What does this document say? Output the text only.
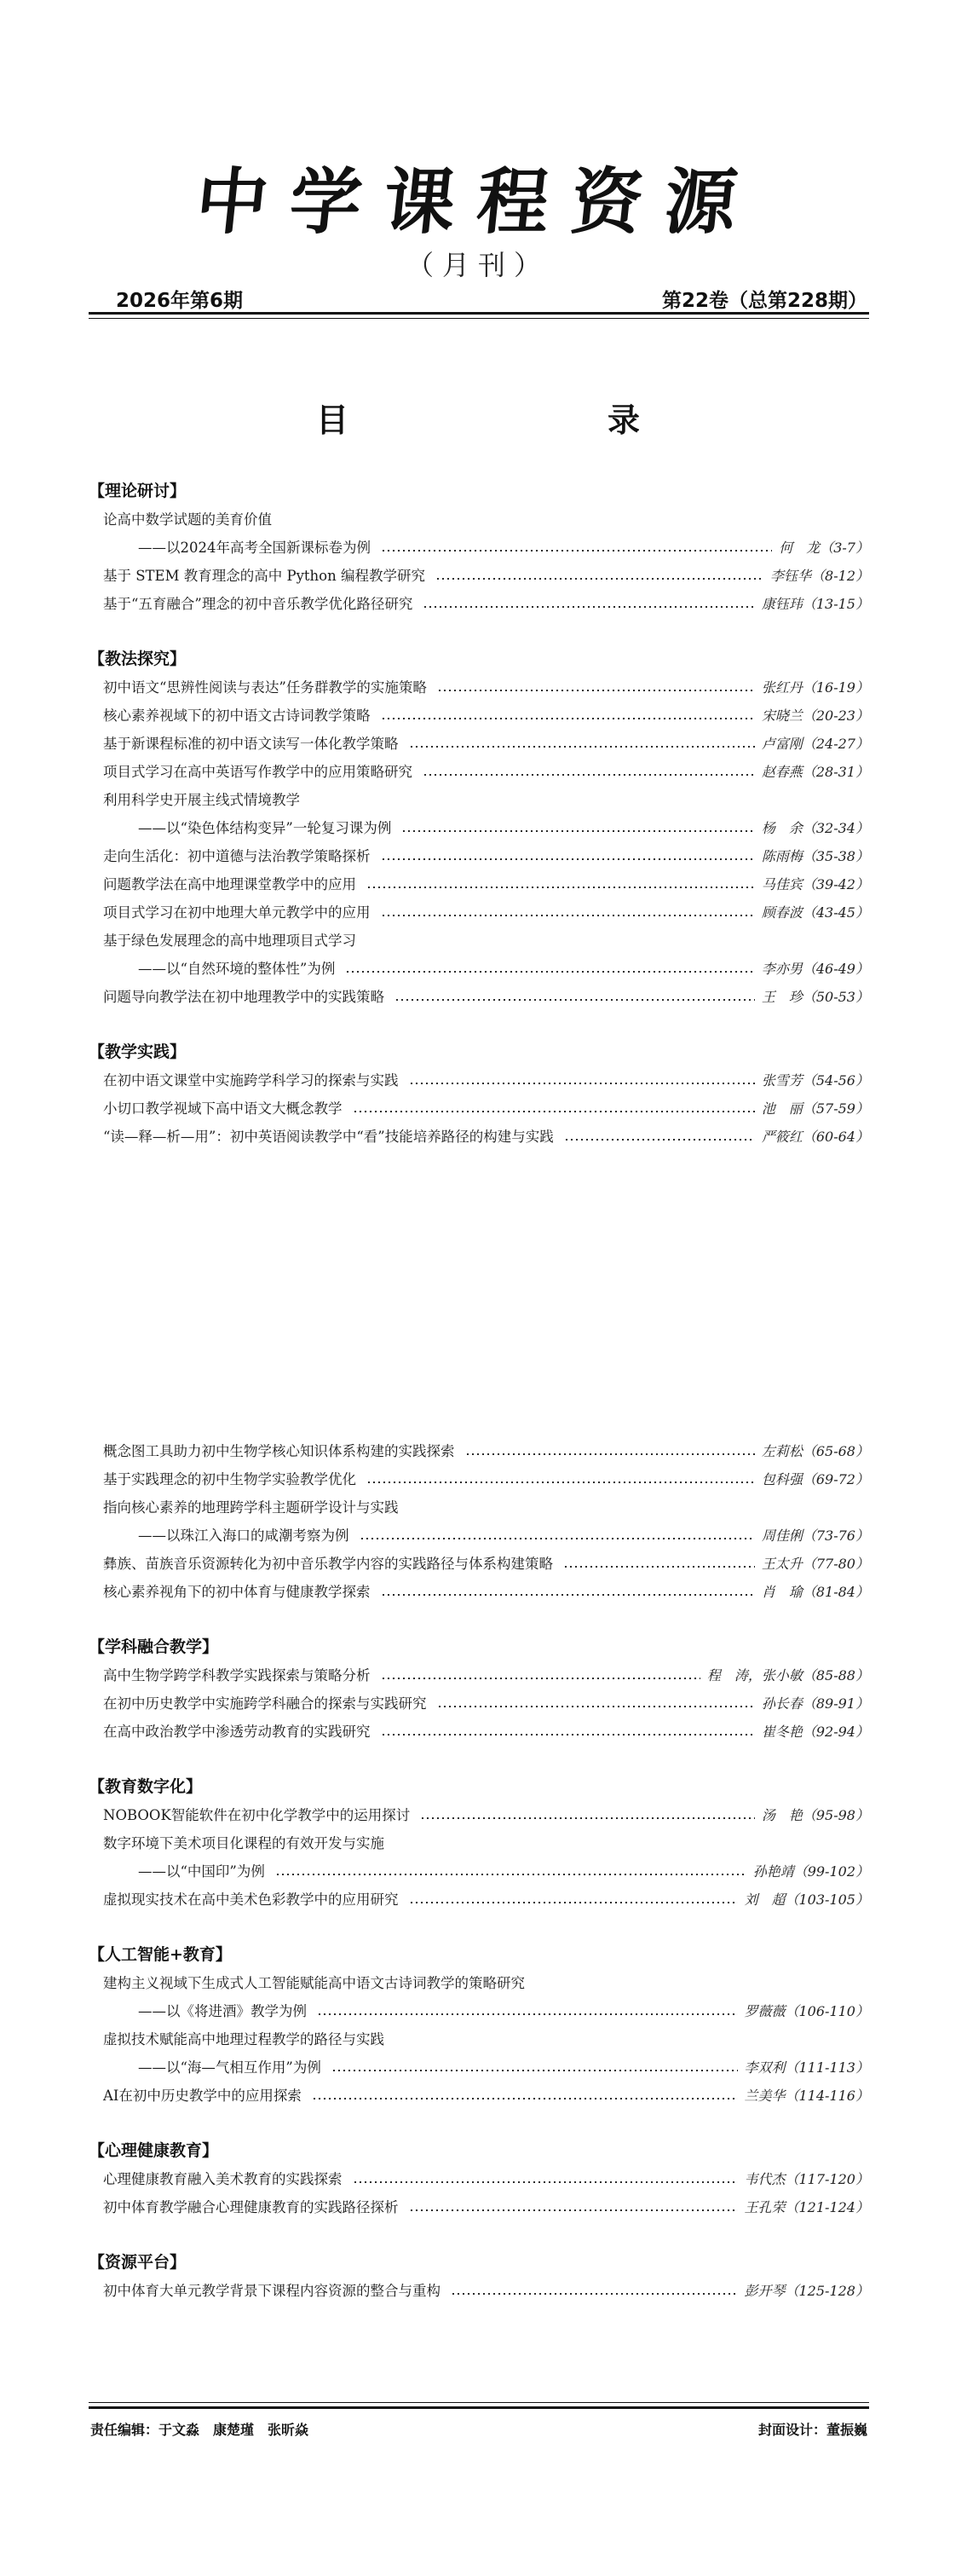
中学课程资源
（月刊）
2026年第6期	第22卷（总第228期）
目　　录
【理论研讨】
论高中数学试题的美育价值
——以2024年高考全国新课标卷为例	何　龙（3-7）
基于 STEM 教育理念的高中 Python 编程教学研究	李钰华（8-12）
基于“五育融合”理念的初中音乐教学优化路径研究	康钰玮（13-15）
【教法探究】
初中语文“思辨性阅读与表达”任务群教学的实施策略	张红丹（16-19）
核心素养视域下的初中语文古诗词教学策略	宋晓兰（20-23）
基于新课程标准的初中语文读写一体化教学策略	卢富刚（24-27）
项目式学习在高中英语写作教学中的应用策略研究	赵春燕（28-31）
利用科学史开展主线式情境教学
——以“染色体结构变异”一轮复习课为例	杨　余（32-34）
走向生活化：初中道德与法治教学策略探析	陈雨梅（35-38）
问题教学法在高中地理课堂教学中的应用	马佳宾（39-42）
项目式学习在初中地理大单元教学中的应用	顾春波（43-45）
基于绿色发展理念的高中地理项目式学习
——以“自然环境的整体性”为例	李亦男（46-49）
问题导向教学法在初中地理教学中的实践策略	王　珍（50-53）
【教学实践】
在初中语文课堂中实施跨学科学习的探索与实践	张雪芳（54-56）
小切口教学视域下高中语文大概念教学	池　丽（57-59）
“读—释—析—用”：初中英语阅读教学中“看”技能培养路径的构建与实践	严筱红（60-64）
概念图工具助力初中生物学核心知识体系构建的实践探索	左莉松（65-68）
基于实践理念的初中生物学实验教学优化	包科强（69-72）
指向核心素养的地理跨学科主题研学设计与实践
——以珠江入海口的咸潮考察为例	周佳俐（73-76）
彝族、苗族音乐资源转化为初中音乐教学内容的实践路径与体系构建策略	王太升（77-80）
核心素养视角下的初中体育与健康教学探索	肖　瑜（81-84）
【学科融合教学】
高中生物学跨学科教学实践探索与策略分析	程　涛，张小敏（85-88）
在初中历史教学中实施跨学科融合的探索与实践研究	孙长春（89-91）
在高中政治教学中渗透劳动教育的实践研究	崔冬艳（92-94）
【教育数字化】
NOBOOK智能软件在初中化学教学中的运用探讨	汤　艳（95-98）
数字环境下美术项目化课程的有效开发与实施
——以“中国印”为例	孙艳靖（99-102）
虚拟现实技术在高中美术色彩教学中的应用研究	刘　超（103-105）
【人工智能+教育】
建构主义视域下生成式人工智能赋能高中语文古诗词教学的策略研究
——以《将进酒》教学为例	罗薇薇（106-110）
虚拟技术赋能高中地理过程教学的路径与实践
——以“海—气相互作用”为例	李双利（111-113）
AI在初中历史教学中的应用探索	兰美华（114-116）
【心理健康教育】
心理健康教育融入美术教育的实践探索	韦代杰（117-120）
初中体育教学融合心理健康教育的实践路径探析	王孔荣（121-124）
【资源平台】
初中体育大单元教学背景下课程内容资源的整合与重构	彭开琴（125-128）
责任编辑：于文淼　康楚瑾　张昕焱	封面设计：董振巍
